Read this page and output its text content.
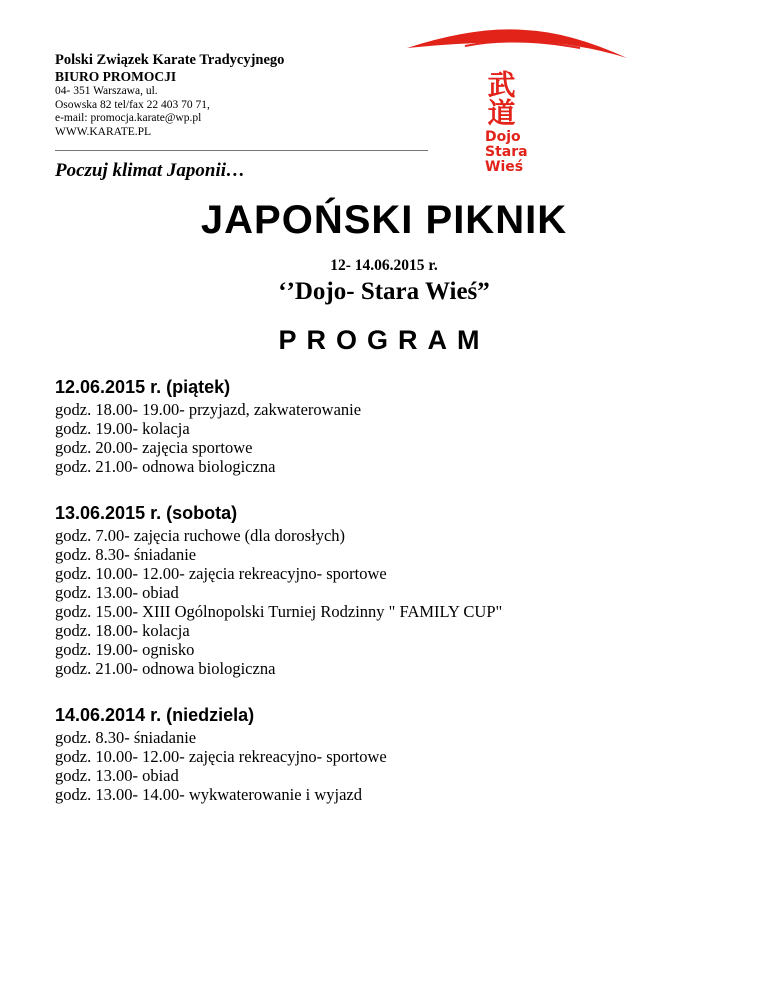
Polski Związek Karate Tradycyjnego
BIURO PROMOCJI
04- 351 Warszawa, ul.
Osowska 82 tel/fax 22 403 70 71,
e-mail: promocja.karate@wp.pl
WWW.KARATE.PL
Poczuj klimat Japonii…
武道
Dojo
Stara
Wieś
JAPOŃSKI PIKNIK
12- 14.06.2015 r.
‘’Dojo- Stara Wieś”
PROGRAM
12.06.2015 r. (piątek)
godz. 18.00- 19.00- przyjazd, zakwaterowanie
godz. 19.00- kolacja
godz. 20.00- zajęcia sportowe
godz. 21.00- odnowa biologiczna
13.06.2015 r. (sobota)
godz. 7.00- zajęcia ruchowe (dla dorosłych)
godz. 8.30- śniadanie
godz. 10.00- 12.00- zajęcia rekreacyjno- sportowe
godz. 13.00- obiad
godz. 15.00- XIII Ogólnopolski Turniej Rodzinny " FAMILY CUP"
godz. 18.00- kolacja
godz. 19.00- ognisko
godz. 21.00- odnowa biologiczna
14.06.2014 r. (niedziela)
godz. 8.30- śniadanie
godz. 10.00- 12.00- zajęcia rekreacyjno- sportowe
godz. 13.00- obiad
godz. 13.00- 14.00- wykwaterowanie i wyjazd
